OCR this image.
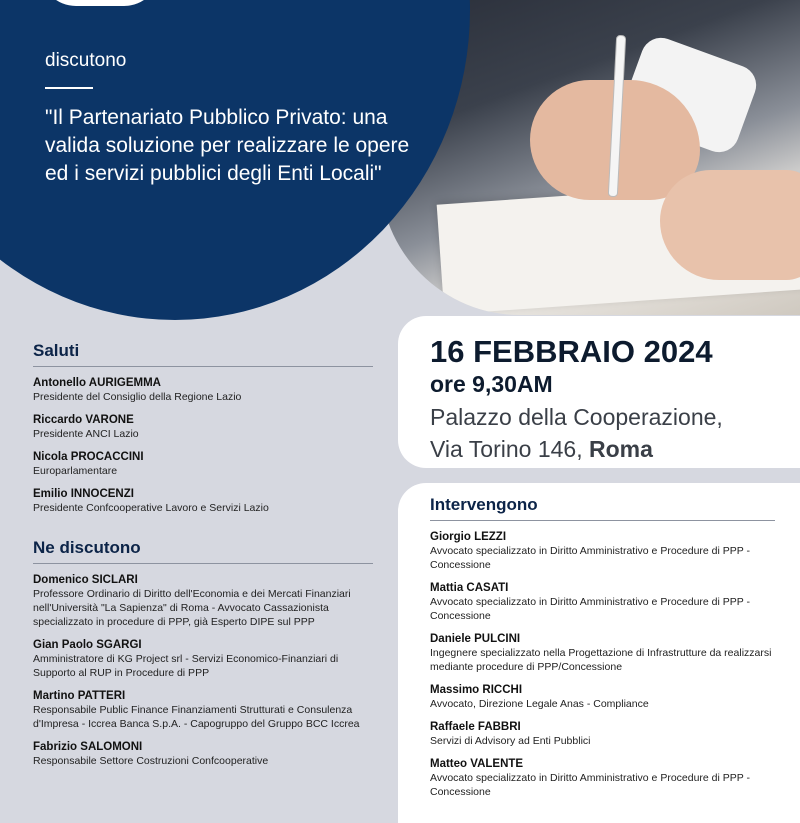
discutono
"Il Partenariato Pubblico Privato: una valida soluzione per realizzare le opere ed i servizi pubblici degli Enti Locali"
16 FEBBRAIO 2024
ore 9,30AM
Palazzo della Cooperazione,
Via Torino 146, Roma

Saluti

Antonello AURIGEMMA
Presidente del Consiglio della Regione Lazio
Riccardo VARONE
Presidente ANCI Lazio
Nicola PROCACCINI
Europarlamentare
Emilio INNOCENZI
Presidente Confcooperative Lavoro e Servizi Lazio

Ne discutono

Domenico SICLARI
Professore Ordinario di Diritto dell'Economia e dei Mercati Finanziari nell'Università "La Sapienza" di Roma - Avvocato Cassazionista specializzato in procedure di PPP, già Esperto DIPE sul PPP
Gian Paolo SGARGI
Amministratore di KG Project srl - Servizi Economico-Finanziari di Supporto al RUP in Procedure di PPP
Martino PATTERI
Responsabile Public Finance Finanziamenti Strutturati e Consulenza d'Impresa - Iccrea Banca S.p.A. - Capogruppo del Gruppo BCC Iccrea
Fabrizio SALOMONI
Responsabile Settore Costruzioni Confcooperative

Intervengono

Giorgio LEZZI
Avvocato specializzato in Diritto Amministrativo e Procedure di PPP - Concessione
Mattia CASATI
Avvocato specializzato in Diritto Amministrativo e Procedure di PPP - Concessione
Daniele PULCINI
Ingegnere specializzato nella Progettazione di Infrastrutture da realizzarsi mediante procedure di PPP/Concessione
Massimo RICCHI
Avvocato, Direzione Legale Anas - Compliance
Raffaele FABBRI
Servizi di Advisory ad Enti Pubblici
Matteo VALENTE
Avvocato specializzato in Diritto Amministrativo e Procedure di PPP - Concessione
